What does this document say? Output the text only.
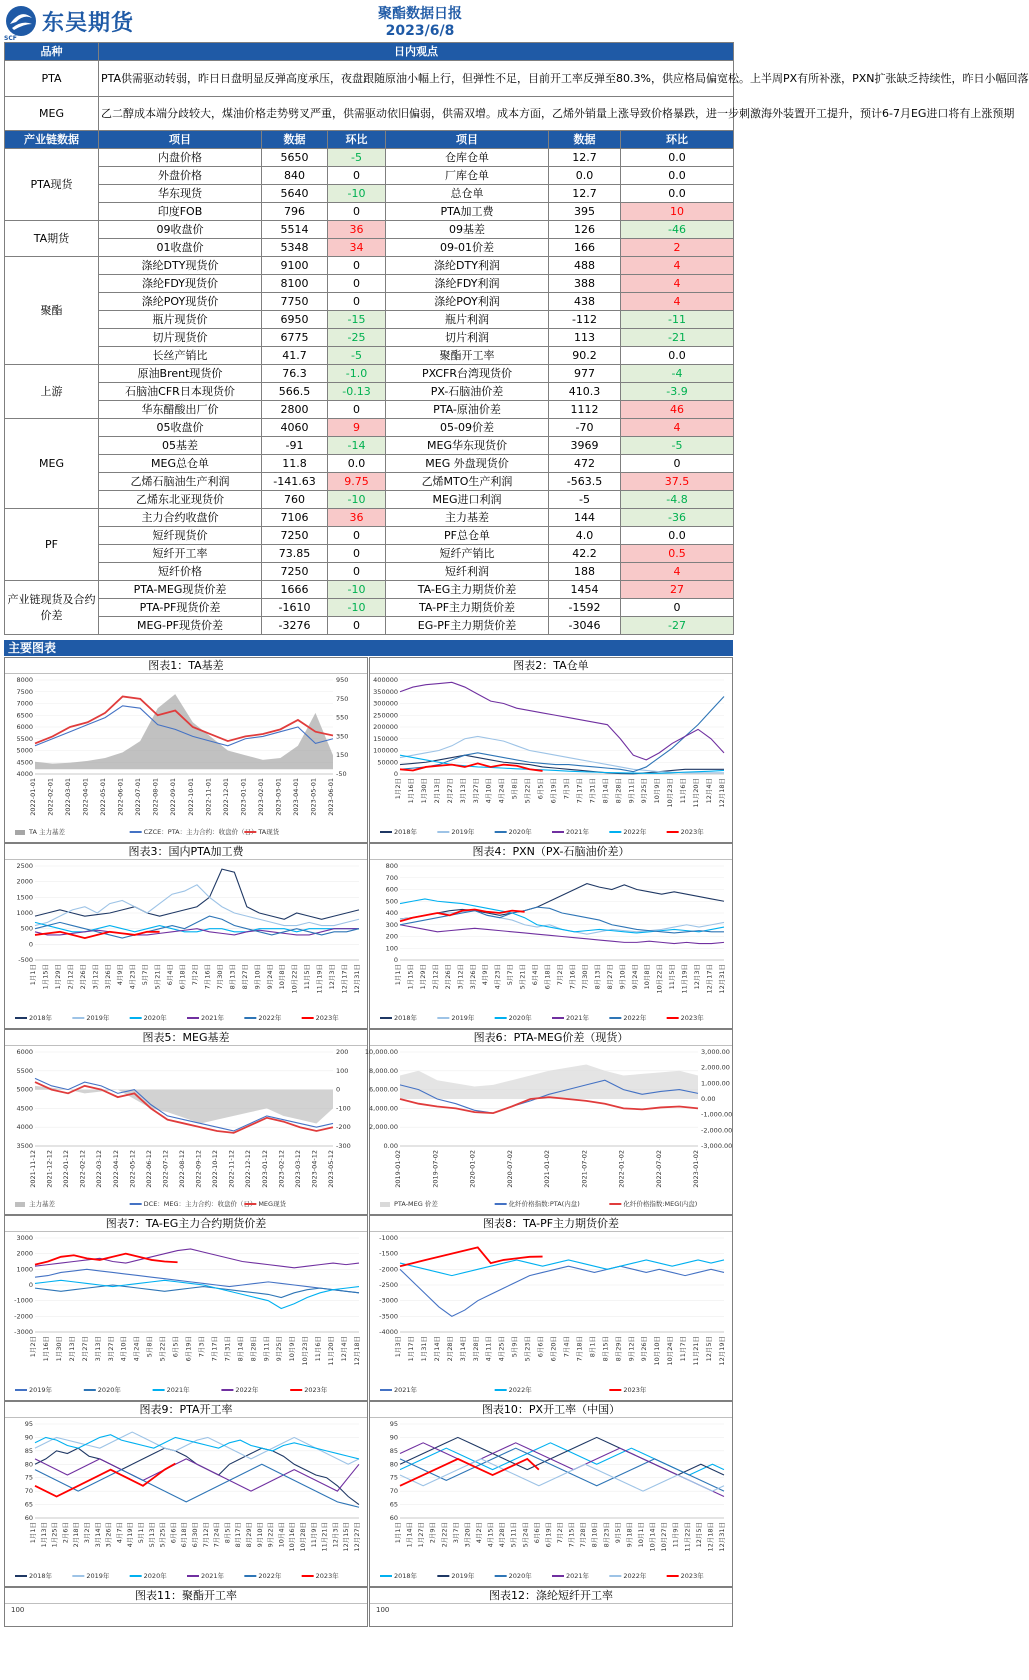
东吴期货
SCF
聚酯数据日报
2023/6/8
品种	日内观点					
PTA	PTA供需驱动转弱，昨日日盘明显反弹高度承压，夜盘跟随原油小幅上行，但弹性不足，目前开工率反弹至80.3%，供应格局偏宽松。上半周PX有所补涨，PXN扩张缺乏持续性，昨日小幅回落					
MEG	乙二醇成本端分歧较大，煤油价格走势劈叉严重，供需驱动依旧偏弱，供需双增。成本方面，乙烯外销量上涨导致价格暴跌，进一步刺激海外装置开工提升，预计6-7月EG进口将有上涨预期					
产业链数据	项目	数据	环比	项目	数据	环比
PTA现货	内盘价格	5650	-5	仓库仓单	12.7	0.0
	外盘价格	840	0	厂库仓单	0.0	0.0
	华东现货	5640	-10	总仓单	12.7	0.0
	印度FOB	796	0	PTA加工费	395	10
TA期货	09收盘价	5514	36	09基差	126	-46
	01收盘价	5348	34	09-01价差	166	2
聚酯	涤纶DTY现货价	9100	0	涤纶DTY利润	488	4
	涤纶FDY现货价	8100	0	涤纶FDY利润	388	4
	涤纶POY现货价	7750	0	涤纶POY利润	438	4
	瓶片现货价	6950	-15	瓶片利润	-112	-11
	切片现货价	6775	-25	切片利润	113	-21
	长丝产销比	41.7	-5	聚酯开工率	90.2	0.0
上游	原油Brent现货价	76.3	-1.0	PXCFR台湾现货价	977	-4
	石脑油CFR日本现货价	566.5	-0.13	PX-石脑油价差	410.3	-3.9
	华东醋酸出厂价	2800	0	PTA-原油价差	1112	46
MEG	05收盘价	4060	9	05-09价差	-70	4
	05基差	-91	-14	MEG华东现货价	3969	-5
	MEG总仓单	11.8	0.0	MEG 外盘现货价	472	0
	乙烯石脑油生产利润	-141.63	9.75	乙烯MTO生产利润	-563.5	37.5
	乙烯东北亚现货价	760	-10	MEG进口利润	-5	-4.8
PF	主力合约收盘价	7106	36	主力基差	144	-36
	短纤现货价	7250	0	PF总仓单	4.0	0.0
	短纤开工率	73.85	0	短纤产销比	42.2	0.5
	短纤价格	7250	0	短纤利润	188	4
产业链现货及合约价差	PTA-MEG现货价差	1666	-10	TA-EG主力期货价差	1454	27
	PTA-PF现货价差	-1610	-10	TA-PF主力期货价差	-1592	0
	MEG-PF现货价差	-3276	0	EG-PF主力期货价差	-3046	-27
主要图表
图表1：TA基差
4000
4500
5000
5500
6000
6500
7000
7500
8000
-50
150
350
550
750
950
2022-01-01 2022-02-01 2022-03-01 2022-04-01 2022-05-01 2022-06-01 2022-07-01 2022-08-01 2022-09-01 2022-10-01 2022-11-01 2022-12-01 2023-01-01 2023-02-01 2023-03-01 2023-04-01 2023-05-01 2023-06-01
TA 主力基差	CZCE：PTA：主力合约：收盘价（日） TA现货
图表2：TA仓单
0
50000
100000
150000
200000
250000
300000
350000
400000
1月2日 1月16日 1月30日 2月13日 2月27日 3月13日 3月27日 4月10日 4月24日 5月8日 5月22日 6月5日 6月19日 7月3日 7月17日 7月31日 8月14日 8月28日 9月11日 9月25日 10月9日 10月23日 11月6日 11月20日 12月4日 12月18日
2018年	2019年	2020年	2021年	2022年	2023年
图表3：国内PTA加工费
-500
0
500
1000
1500
2000
2500
1月1日 1月15日 1月29日 2月12日 2月26日 3月12日 3月26日 4月9日 4月23日 5月7日 5月21日 6月4日 6月18日 7月2日 7月16日 7月30日 8月13日 8月27日 9月10日 9月24日 10月8日 10月22日 11月5日 11月19日 12月3日 12月17日 12月31日
2018年	2019年	2020年	2021年	2022年	2023年
图表4：PXN（PX-石脑油价差）
0
100
200
300
400
500
600
700
800
1月1日 1月15日 1月29日 2月12日 2月26日 3月12日 3月26日 4月9日 4月23日 5月7日 5月21日 6月4日 6月18日 7月2日 7月16日 7月30日 8月13日 8月27日 9月10日 9月24日 10月8日 10月22日 11月5日 11月19日 12月3日 12月17日 12月31日
2018年	2019年	2020年	2021年	2022年	2023年
图表5：MEG基差
3500
4000
4500
5000
5500
6000
-300
-200
-100
0
100
200
2021-11-12 2021-12-12 2022-01-12 2022-02-12 2022-03-12 2022-04-12 2022-05-12 2022-06-12 2022-07-12 2022-08-12 2022-09-12 2022-10-12 2022-11-12 2022-12-12 2023-01-12 2023-02-12 2023-03-12 2023-04-12 2023-05-12
主力基差	DCE：MEG：主力合约：收盘价（日） MEG现货
图表6：PTA-MEG价差（现货）
0.00
2,000.00
4,000.00
6,000.00
8,000.00
10,000.00
-3,000.00
-2,000.00
-1,000.00
0.00
1,000.00
2,000.00
3,000.00
2019-01-02	2019-07-02	2020-01-02	2020-07-02	2021-01-02	2021-07-02	2022-01-02	2022-07-02	2023-01-02
PTA-MEG 价差	化纤价格指数:PTA(内盘)	化纤价格指数:MEG(内盘)
图表7：TA-EG主力合约期货价差
-3000
-2000
-1000
0
1000
2000
3000
1月2日 1月16日 1月30日 2月13日 2月27日 3月13日 3月27日 4月10日 4月24日 5月8日 5月22日 6月5日 6月19日 7月3日 7月17日 7月31日 8月14日 8月28日 9月11日 9月25日 10月9日 10月23日 11月6日 11月20日 12月4日 12月18日
2019年	2020年	2021年	2022年	2023年
图表8：TA-PF主力期货价差
-4000
-3500
-3000
-2500
-2000
-1500
-1000
1月3日 1月17日 1月31日 2月14日 2月28日 3月14日 3月28日 4月11日 4月25日 5月9日 5月23日 6月6日 6月20日 7月4日 7月18日 8月1日 8月15日 8月29日 9月12日 9月26日 10月10日 10月24日 11月7日 11月21日 12月5日 12月19日
2021年	2022年	2023年
图表9：PTA开工率
60
65
70
75
80
85
90
95
1月1日 1月13日 1月25日 2月6日 2月18日 3月2日 3月14日 3月26日 4月7日 4月19日 5月1日 5月13日 5月25日 6月6日 6月18日 6月30日 7月12日 7月24日 8月5日 8月17日 8月29日 9月10日 9月22日 10月4日 10月16日 10月28日 11月9日 11月21日 12月3日 12月15日 12月27日
2018年	2019年	2020年	2021年	2022年	2023年
图表10：PX开工率（中国）
60
65
70
75
80
85
90
95
1月1日 1月14日 1月27日 2月9日 2月22日 3月7日 3月20日 4月2日 4月15日 4月28日 5月11日 5月24日 6月6日 6月19日 7月2日 7月15日 7月28日 8月10日 8月23日 9月5日 9月18日 10月1日 10月14日 10月27日 11月9日 11月22日 12月5日 12月18日 12月31日
2018年	2019年	2020年	2021年	2022年	2023年
图表11：聚酯开工率
100
图表12：涤纶短纤开工率
100
